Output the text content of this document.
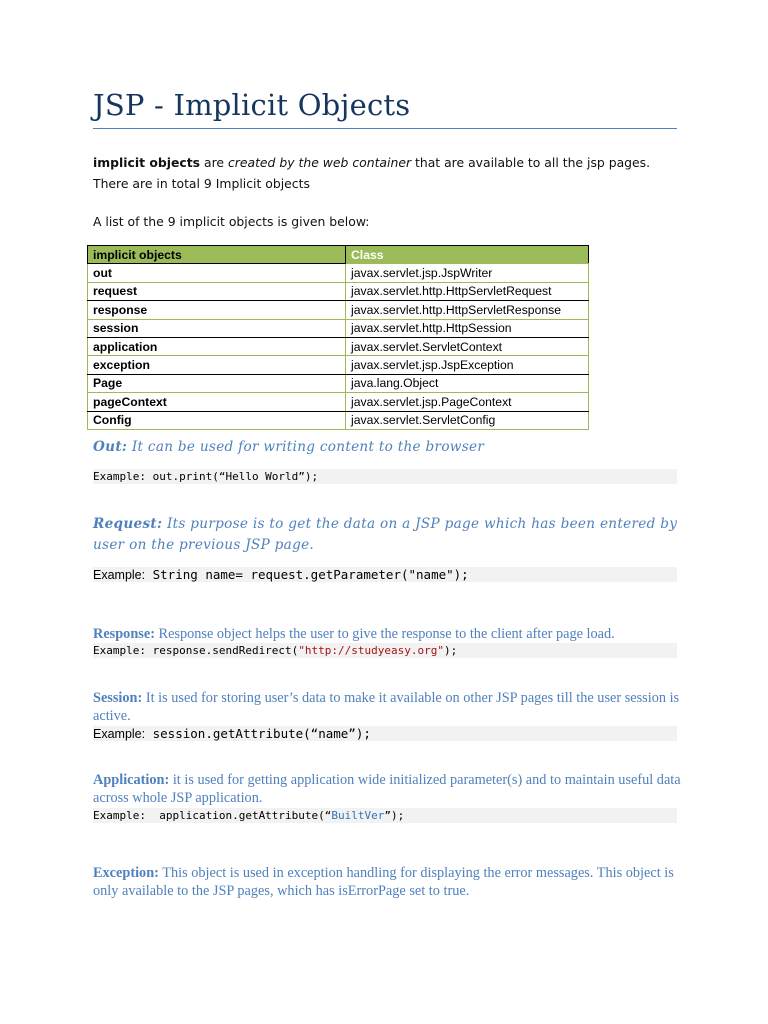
JSP - Implicit Objects
implicit objects are created by the web container that are available to all the jsp pages.
There are in total 9 Implicit objects
A list of the 9 implicit objects is given below:
implicit objects	Class
out	javax.servlet.jsp.JspWriter
request	javax.servlet.http.HttpServletRequest
response	javax.servlet.http.HttpServletResponse
session	javax.servlet.http.HttpSession
application	javax.servlet.ServletContext
exception	javax.servlet.jsp.JspException
Page	java.lang.Object
pageContext	javax.servlet.jsp.PageContext
Config	javax.servlet.ServletConfig
Out: It can be used for writing content to the browser
Example: out.print(“Hello World”);
Request: Its purpose is to get the data on a JSP page which has been entered by user on the previous JSP page.
Example: String name= request.getParameter("name");
Response: Response object helps the user to give the response to the client after page load.
Example: response.sendRedirect("http://studyeasy.org");
Session: It is used for storing user’s data to make it available on other JSP pages till the user session is active.
Example: session.getAttribute(“name”);
Application: it is used for getting application wide initialized parameter(s) and to maintain useful data across whole JSP application.
Example:  application.getAttribute(“BuiltVer”);
Exception: This object is used in exception handling for displaying the error messages. This object is only available to the JSP pages, which has isErrorPage set to true.
